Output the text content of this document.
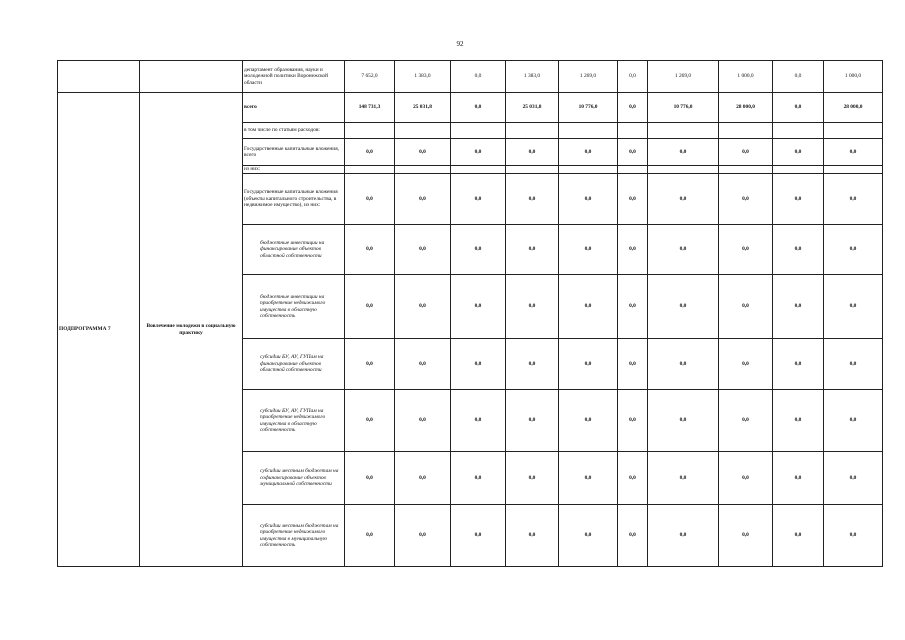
92
		департамент образования, науки и молодежной политики Воронежской области	7 652,0	1 383,0	0,0	1 383,0	1 269,0	0,0	1 269,0	1 000,0	0,0	1 000,0
ПОДПРОГРАММА 7	Вовлечение молодежи в социальную практику	всего	148 731,3	25 031,8	0,0	25 031,8	10 776,0	0,0	10 776,0	28 000,0	0,0	28 000,0
		в том числе по статьям расходов:										
		Государственные капитальные вложения, всего	0,0	0,0	0,0	0,0	0,0	0,0	0,0	0,0	0,0	0,0
		из них:										
		Государственные капитальные вложения (объекты капитального строительства, в недвижимое имущество), из них:	0,0	0,0	0,0	0,0	0,0	0,0	0,0	0,0	0,0	0,0
		бюджетные инвестиции на финансирование объектов областной собственности	0,0	0,0	0,0	0,0	0,0	0,0	0,0	0,0	0,0	0,0
		бюджетные инвестиции на приобретение недвижимого имущества в областную собственность	0,0	0,0	0,0	0,0	0,0	0,0	0,0	0,0	0,0	0,0
		субсидии БУ, АУ, ГУПам на финансирование объектов областной собственности	0,0	0,0	0,0	0,0	0,0	0,0	0,0	0,0	0,0	0,0
		субсидии БУ, АУ, ГУПам на приобретение недвижимого имущества в областную собственность	0,0	0,0	0,0	0,0	0,0	0,0	0,0	0,0	0,0	0,0
		субсидии местным бюджетам на софинансирование объектов муниципальной собственности	0,0	0,0	0,0	0,0	0,0	0,0	0,0	0,0	0,0	0,0
		субсидии местным бюджетам на приобретение недвижимого имущества в муниципальную собственность	0,0	0,0	0,0	0,0	0,0	0,0	0,0	0,0	0,0	0,0
